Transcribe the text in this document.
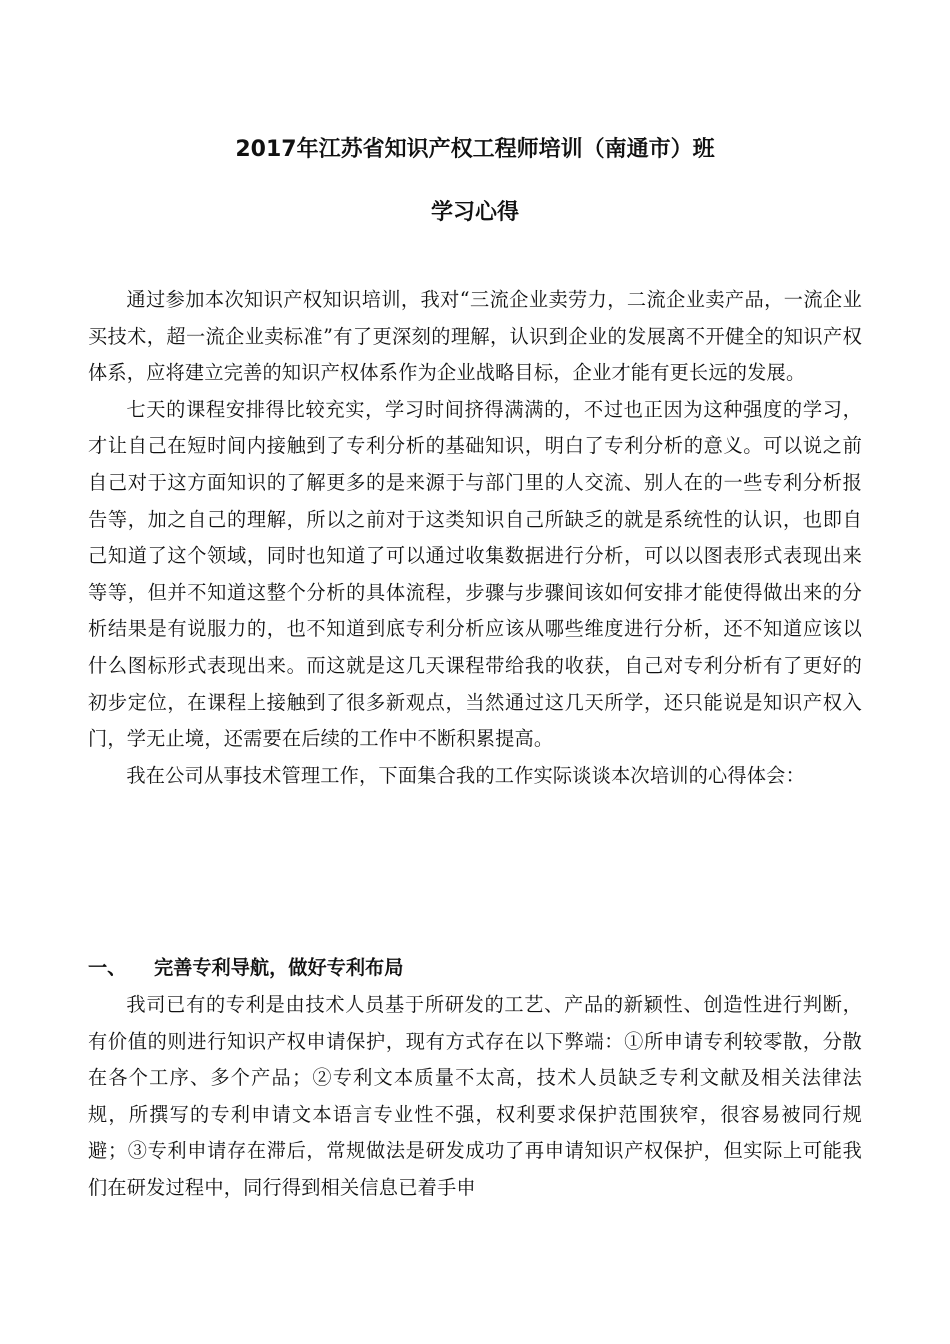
2017年江苏省知识产权工程师培训（南通市）班
学习心得

通过参加本次知识产权知识培训，我对“三流企业卖劳力，二流企业卖产品，一流企业买技术，超一流企业卖标准”有了更深刻的理解，认识到企业的发展离不开健全的知识产权体系，应将建立完善的知识产权体系作为企业战略目标，企业才能有更长远的发展。

七天的课程安排得比较充实，学习时间挤得满满的，不过也正因为这种强度的学习，才让自己在短时间内接触到了专利分析的基础知识，明白了专利分析的意义。可以说之前自己对于这方面知识的了解更多的是来源于与部门里的人交流、别人在的一些专利分析报告等，加之自己的理解，所以之前对于这类知识自己所缺乏的就是系统性的认识，也即自己知道了这个领域，同时也知道了可以通过收集数据进行分析，可以以图表形式表现出来等等，但并不知道这整个分析的具体流程，步骤与步骤间该如何安排才能使得做出来的分析结果是有说服力的，也不知道到底专利分析应该从哪些维度进行分析，还不知道应该以什么图标形式表现出来。而这就是这几天课程带给我的收获，自己对专利分析有了更好的初步定位，在课程上接触到了很多新观点，当然通过这几天所学，还只能说是知识产权入门，学无止境，还需要在后续的工作中不断积累提高。

我在公司从事技术管理工作，下面集合我的工作实际谈谈本次培训的心得体会：

一、 完善专利导航，做好专利布局

我司已有的专利是由技术人员基于所研发的工艺、产品的新颖性、创造性进行判断，有价值的则进行知识产权申请保护，现有方式存在以下弊端：①所申请专利较零散，分散在各个工序、多个产品；②专利文本质量不太高，技术人员缺乏专利文献及相关法律法规，所撰写的专利申请文本语言专业性不强，权利要求保护范围狭窄，很容易被同行规避；③专利申请存在滞后，常规做法是研发成功了再申请知识产权保护，但实际上可能我们在研发过程中，同行得到相关信息已着手申
